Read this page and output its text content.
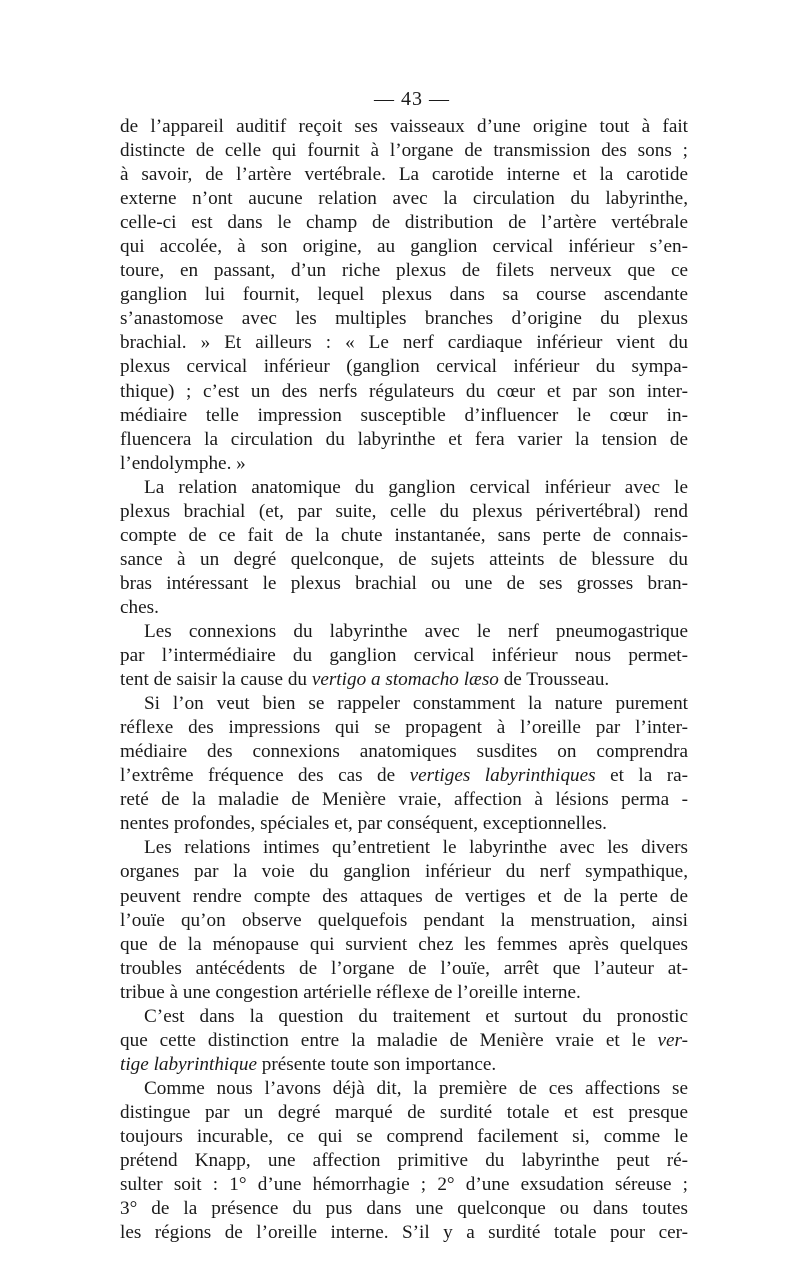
— 43 —
de l’appareil auditif reçoit ses vaisseaux d’une origine tout à fait
distincte de celle qui fournit à l’organe de transmission des sons ;
à savoir, de l’artère vertébrale. La carotide interne et la carotide
externe n’ont aucune relation avec la circulation du labyrinthe,
celle-ci est dans le champ de distribution de l’artère vertébrale
qui accolée, à son origine, au ganglion cervical inférieur s’en-
toure, en passant, d’un riche plexus de filets nerveux que ce
ganglion lui fournit, lequel plexus dans sa course ascendante
s’anastomose avec les multiples branches d’origine du plexus
brachial. » Et ailleurs : « Le nerf cardiaque inférieur vient du
plexus cervical inférieur (ganglion cervical inférieur du sympa-
thique) ; c’est un des nerfs régulateurs du cœur et par son inter-
médiaire telle impression susceptible d’influencer le cœur in-
fluencera la circulation du labyrinthe et fera varier la tension de
l’endolymphe. »
La relation anatomique du ganglion cervical inférieur avec le
plexus brachial (et, par suite, celle du plexus périvertébral) rend
compte de ce fait de la chute instantanée, sans perte de connais-
sance à un degré quelconque, de sujets atteints de blessure du
bras intéressant le plexus brachial ou une de ses grosses bran-
ches.
Les connexions du labyrinthe avec le nerf pneumogastrique
par l’intermédiaire du ganglion cervical inférieur nous permet-
tent de saisir la cause du vertigo a stomacho læso de Trousseau.
Si l’on veut bien se rappeler constamment la nature purement
réflexe des impressions qui se propagent à l’oreille par l’inter-
médiaire des connexions anatomiques susdites on comprendra
l’extrême fréquence des cas de vertiges labyrinthiques et la ra-
reté de la maladie de Menière vraie, affection à lésions perma -
nentes profondes, spéciales et, par conséquent, exceptionnelles.
Les relations intimes qu’entretient le labyrinthe avec les divers
organes par la voie du ganglion inférieur du nerf sympathique,
peuvent rendre compte des attaques de vertiges et de la perte de
l’ouïe qu’on observe quelquefois pendant la menstruation, ainsi
que de la ménopause qui survient chez les femmes après quelques
troubles antécédents de l’organe de l’ouïe, arrêt que l’auteur at-
tribue à une congestion artérielle réflexe de l’oreille interne.
C’est dans la question du traitement et surtout du pronostic
que cette distinction entre la maladie de Menière vraie et le ver-
tige labyrinthique présente toute son importance.
Comme nous l’avons déjà dit, la première de ces affections se
distingue par un degré marqué de surdité totale et est presque
toujours incurable, ce qui se comprend facilement si, comme le
prétend Knapp, une affection primitive du labyrinthe peut ré-
sulter soit : 1° d’une hémorrhagie ; 2° d’une exsudation séreuse ;
3° de la présence du pus dans une quelconque ou dans toutes
les régions de l’oreille interne. S’il y a surdité totale pour cer-
